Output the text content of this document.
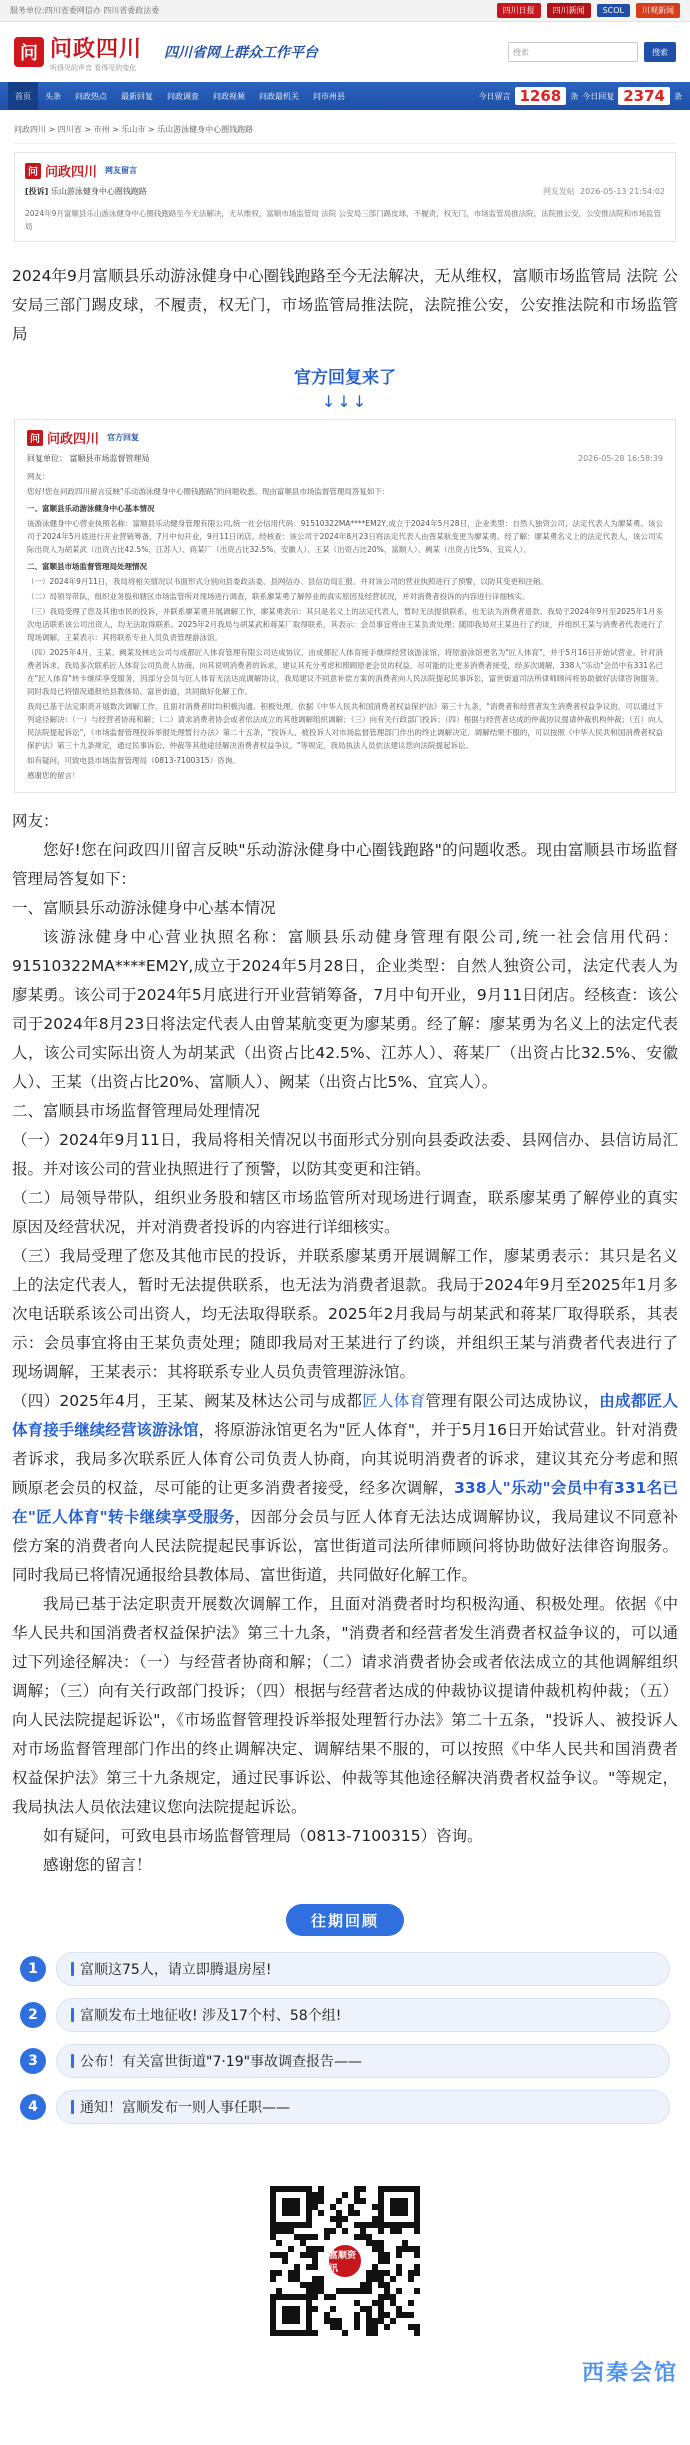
服务单位:四川省委网信办 四川省委政法委	四川日报	四川新闻	SCOL	川观新闻
问 问政四川
听得见的声音 看得见的变化
四川省网上群众工作平台	搜索	搜索
首页	头条	问政热点	最新回复	问政调查	问政视频	问政最机关	问市州县	今日留言 1268	条 今日回复 2374	条
问政四川 > 四川省 > 市州 > 乐山市 > 乐山游泳健身中心圈钱跑路
问 问政四川 网友留言
[投诉] 乐山游泳健身中心圈钱跑路	网友发帖 2026-05-13 21:54:02

2024年9月富顺县乐山游泳健身中心圈钱跑路至今无法解决，无从维权，富顺市场监管局 法院 公安局三部门踢皮球，不履责，权无门，市场监管局推法院，法院推公安，公安推法院和市场监管局

2024年9月富顺县乐动游泳健身中心圈钱跑路至今无法解决，无从维权，富顺市场监管局 法院 公安局三部门踢皮球，不履责，权无门，市场监管局推法院，法院推公安，公安推法院和市场监管局

官方回复来了
↓↓↓
问 问政四川 官方回复
回复单位： 富顺县市场监督管理局	2026-05-28 16:58:39

网友：

您好!您在问政四川留言反映"乐动游泳健身中心圈钱跑路"的问题收悉。现由富顺县市场监督管理局答复如下：

一、富顺县乐动游泳健身中心基本情况

该游泳健身中心营业执照名称：富顺县乐动健身管理有限公司,统一社会信用代码：91510322MA****EM2Y,成立于2024年5月28日，企业类型：自然人独资公司，法定代表人为廖某勇。该公司于2024年5月底进行开业营销筹备，7月中旬开业，9月11日闭店。经核查：该公司于2024年8月23日将法定代表人由曾某航变更为廖某勇。经了解：廖某勇名义上的法定代表人，该公司实际出资人为胡某武（出资占比42.5%、江苏人）、蒋某厂（出资占比32.5%、安徽人）、王某（出资占比20%、富顺人）、阙某（出资占比5%、宜宾人）。

二、富顺县市场监督管理局处理情况

（一）2024年9月11日，我局将相关情况以书面形式分别向县委政法委、县网信办、县信访局汇报。并对该公司的营业执照进行了预警，以防其变更和注销。

（二）局领导带队，组织业务股和辖区市场监管所对现场进行调查，联系廖某勇了解停业的真实原因及经营状况，并对消费者投诉的内容进行详细核实。

（三）我局受理了您及其他市民的投诉，并联系廖某勇开展调解工作，廖某勇表示：其只是名义上的法定代表人，暂时无法提供联系，也无法为消费者退款。我局于2024年9月至2025年1月多次电话联系该公司出资人，均无法取得联系。2025年2月我局与胡某武和蒋某厂取得联系，其表示：会员事宜将由王某负责处理；随即我局对王某进行了约谈，并组织王某与消费者代表进行了现场调解，王某表示：其将联系专业人员负责管理游泳馆。

（四）2025年4月，王某、阙某及林达公司与成都匠人体育管理有限公司达成协议，由成都匠人体育接手继续经营该游泳馆，将原游泳馆更名为"匠人体育"，并于5月16日开始试营业。针对消费者诉求，我局多次联系匠人体育公司负责人协商，向其说明消费者的诉求，建议其充分考虑和照顾原老会员的权益，尽可能的让更多消费者接受，经多次调解，338人"乐动"会员中有331名已在"匠人体育"转卡继续享受服务，因部分会员与匠人体育无法达成调解协议，我局建议不同意补偿方案的消费者向人民法院提起民事诉讼，富世街道司法所律师顾问将协助做好法律咨询服务。同时我局已将情况通报给县教体局、富世街道，共同做好化解工作。

我局已基于法定职责开展数次调解工作，且面对消费者时均积极沟通、积极处理。依据《中华人民共和国消费者权益保护法》第三十九条，"消费者和经营者发生消费者权益争议的，可以通过下列途径解决：（一）与经营者协商和解；（二）请求消费者协会或者依法成立的其他调解组织调解；（三）向有关行政部门投诉；（四）根据与经营者达成的仲裁协议提请仲裁机构仲裁；（五）向人民法院提起诉讼"，《市场监督管理投诉举报处理暂行办法》第二十五条，"投诉人、被投诉人对市场监督管理部门作出的终止调解决定、调解结果不服的，可以按照《中华人民共和国消费者权益保护法》第三十九条规定，通过民事诉讼、仲裁等其他途径解决消费者权益争议。"等规定，我局执法人员依法建议您向法院提起诉讼。

如有疑问，可致电县市场监督管理局（0813-7100315）咨询。

感谢您的留言！

网友：

您好!您在问政四川留言反映"乐动游泳健身中心圈钱跑路"的问题收悉。现由富顺县市场监督管理局答复如下：

一、富顺县乐动游泳健身中心基本情况

该游泳健身中心营业执照名称：富顺县乐动健身管理有限公司,统一社会信用代码：91510322MA****EM2Y,成立于2024年5月28日，企业类型：自然人独资公司，法定代表人为廖某勇。该公司于2024年5月底进行开业营销筹备，7月中旬开业，9月11日闭店。经核查：该公司于2024年8月23日将法定代表人由曾某航变更为廖某勇。经了解：廖某勇为名义上的法定代表人，该公司实际出资人为胡某武（出资占比42.5%、江苏人）、蒋某厂（出资占比32.5%、安徽人）、王某（出资占比20%、富顺人）、阙某（出资占比5%、宜宾人）。

二、富顺县市场监督管理局处理情况

（一）2024年9月11日，我局将相关情况以书面形式分别向县委政法委、县网信办、县信访局汇报。并对该公司的营业执照进行了预警，以防其变更和注销。

（二）局领导带队，组织业务股和辖区市场监管所对现场进行调查，联系廖某勇了解停业的真实原因及经营状况，并对消费者投诉的内容进行详细核实。

（三）我局受理了您及其他市民的投诉，并联系廖某勇开展调解工作，廖某勇表示：其只是名义上的法定代表人，暂时无法提供联系，也无法为消费者退款。我局于2024年9月至2025年1月多次电话联系该公司出资人，均无法取得联系。2025年2月我局与胡某武和蒋某厂取得联系，其表示：会员事宜将由王某负责处理；随即我局对王某进行了约谈，并组织王某与消费者代表进行了现场调解，王某表示：其将联系专业人员负责管理游泳馆。

（四）2025年4月，王某、阙某及林达公司与成都匠人体育管理有限公司达成协议，由成都匠人体育接手继续经营该游泳馆，将原游泳馆更名为"匠人体育"，并于5月16日开始试营业。针对消费者诉求，我局多次联系匠人体育公司负责人协商，向其说明消费者的诉求，建议其充分考虑和照顾原老会员的权益，尽可能的让更多消费者接受，经多次调解，338人"乐动"会员中有331名已在"匠人体育"转卡继续享受服务，因部分会员与匠人体育无法达成调解协议，我局建议不同意补偿方案的消费者向人民法院提起民事诉讼，富世街道司法所律师顾问将协助做好法律咨询服务。同时我局已将情况通报给县教体局、富世街道，共同做好化解工作。

我局已基于法定职责开展数次调解工作，且面对消费者时均积极沟通、积极处理。依据《中华人民共和国消费者权益保护法》第三十九条，"消费者和经营者发生消费者权益争议的，可以通过下列途径解决：（一）与经营者协商和解；（二）请求消费者协会或者依法成立的其他调解组织调解；（三）向有关行政部门投诉；（四）根据与经营者达成的仲裁协议提请仲裁机构仲裁；（五）向人民法院提起诉讼"，《市场监督管理投诉举报处理暂行办法》第二十五条，"投诉人、被投诉人对市场监督管理部门作出的终止调解决定、调解结果不服的，可以按照《中华人民共和国消费者权益保护法》第三十九条规定，通过民事诉讼、仲裁等其他途径解决消费者权益争议。"等规定，我局执法人员依法建议您向法院提起诉讼。

如有疑问，可致电县市场监督管理局（0813-7100315）咨询。

感谢您的留言！

往期回顾
1	富顺这75人，请立即腾退房屋!
2	富顺发布土地征收! 涉及17个村、58个组!
3	公布！有关富世街道"7·19"事故调查报告——
4	通知！富顺发布一则人事任职——
富顺资讯
西秦会馆
